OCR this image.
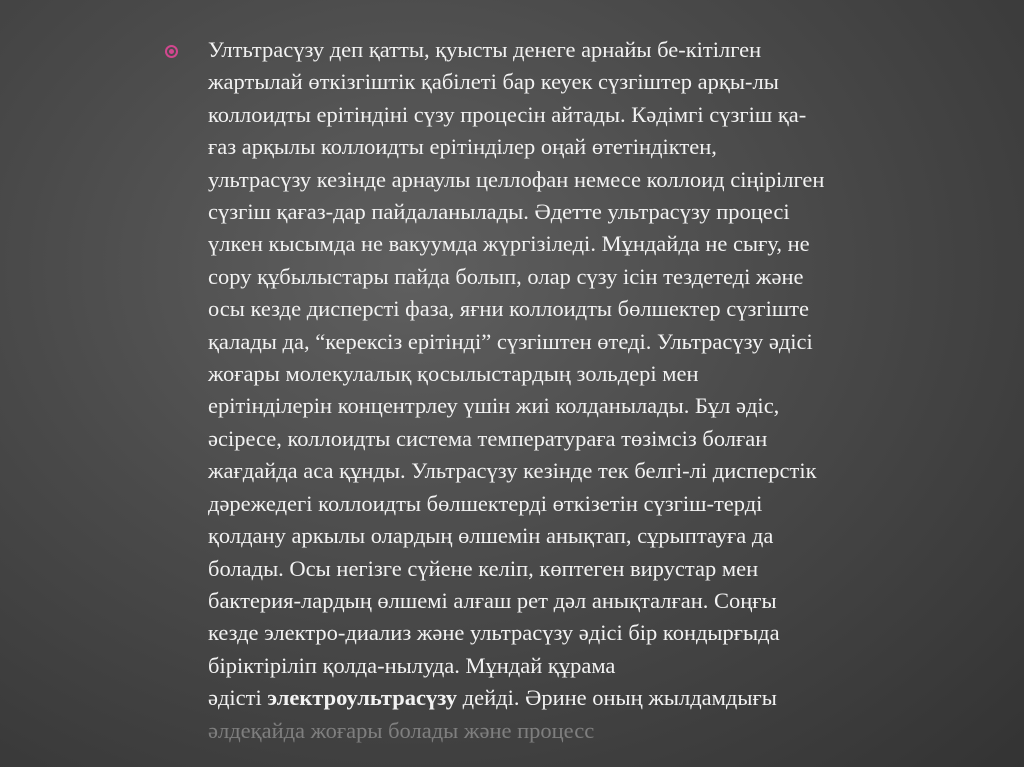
Ултьтрасүзу деп қатты, қуысты денеге арнайы бе-кітілген
жартылай өткізгіштік қабілеті бар кеуек сүзгіштер арқы-лы
коллоидты ерітіндіні сүзу процесін айтады. Кәдімгі сүзгіш қа-
ғаз арқылы коллоидты ерітінділер оңай өтетіндіктен,
ультрасүзу кезінде арнаулы целлофан немесе коллоид сіңірілген
сүзгіш қағаз-дар пайдаланылады. Әдетте ультрасүзу процесі
үлкен кысымда не вакуумда жүргізіледі. Мұндайда не сығу, не
сору құбылыстары пайда болып, олар сүзу ісін тездетеді және
осы кезде дисперсті фаза, яғни коллоидты бөлшектер сүзгіште
қалады да, “керексіз ерітінді” сүзгіштен өтеді. Ультрасүзу әдісі
жоғары молекулалық қосылыстардың зольдері мен
ерітінділерін концентрлеу үшін жиі колданылады. Бұл әдіс,
әсіресе, коллоидты система температураға төзімсіз болған
жағдайда аса құнды. Ультрасүзу кезінде тек белгі-лі дисперстік
дәрежедегі коллоидты бөлшектерді өткізетін сүзгіш-терді
қолдану аркылы олардың өлшемін анықтап, сұрыптауға да
болады. Осы негізге сүйене келіп, көптеген вирустар мен
бактерия-лардың өлшемі алғаш рет дәл анықталған. Соңғы
кезде электро-диализ және ультрасүзу әдісі бір кондырғыда
біріктіріліп қолда-нылуда. Мұндай құрама
әдісті электроультрасүзу дейді. Әрине оның жылдамдығы
әлдеқайда жоғары болады және процесс
